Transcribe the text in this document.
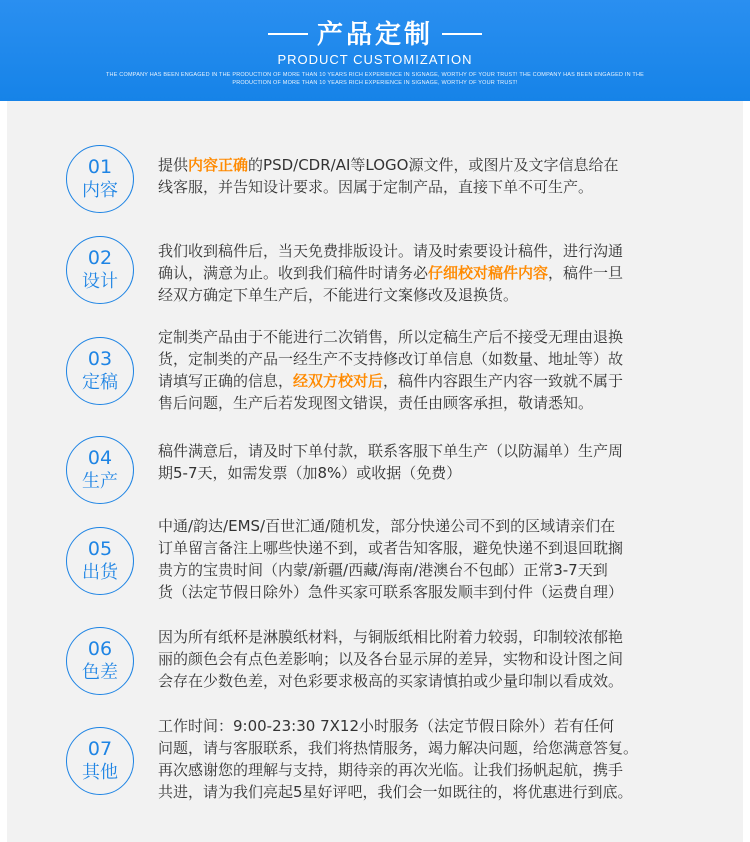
产品定制
PRODUCT CUSTOMIZATION
THE COMPANY HAS BEEN ENGAGED IN THE PRODUCTION OF MORE THAN 10 YEARS RICH EXPERIENCE IN SIGNAGE, WORTHY OF YOUR TRUST! THE COMPANY HAS BEEN ENGAGED IN THE
PRODUCTION OF MORE THAN 10 YEARS RICH EXPERIENCE IN SIGNAGE, WORTHY OF YOUR TRUST!
01
内容
提供内容正确的PSD/CDR/AI等LOGO源文件，或图片及文字信息给在
线客服，并告知设计要求。因属于定制产品，直接下单不可生产。
02
设计
我们收到稿件后，当天免费排版设计。请及时索要设计稿件，进行沟通
确认，满意为止。收到我们稿件时请务必仔细校对稿件内容，稿件一旦
经双方确定下单生产后，不能进行文案修改及退换货。
03
定稿
定制类产品由于不能进行二次销售，所以定稿生产后不接受无理由退换
货，定制类的产品一经生产不支持修改订单信息（如数量、地址等）故
请填写正确的信息，经双方校对后，稿件内容跟生产内容一致就不属于
售后问题，生产后若发现图文错误，责任由顾客承担，敬请悉知。
04
生产
稿件满意后，请及时下单付款，联系客服下单生产（以防漏单）生产周
期5-7天，如需发票（加8%）或收据（免费）
05
出货
中通/韵达/EMS/百世汇通/随机发，部分快递公司不到的区域请亲们在
订单留言备注上哪些快递不到，或者告知客服，避免快递不到退回耽搁
贵方的宝贵时间（内蒙/新疆/西藏/海南/港澳台不包邮）正常3-7天到
货（法定节假日除外）急件买家可联系客服发顺丰到付件（运费自理）
06
色差
因为所有纸杯是淋膜纸材料，与铜版纸相比附着力较弱，印制较浓郁艳
丽的颜色会有点色差影响；以及各台显示屏的差异，实物和设计图之间
会存在少数色差，对色彩要求极高的买家请慎拍或少量印制以看成效。
07
其他
工作时间：9:00-23:30 7X12小时服务（法定节假日除外）若有任何
问题，请与客服联系，我们将热情服务，竭力解决问题，给您满意答复。
再次感谢您的理解与支持，期待亲的再次光临。让我们扬帆起航，携手
共进，请为我们亮起5星好评吧，我们会一如既往的，将优惠进行到底。
